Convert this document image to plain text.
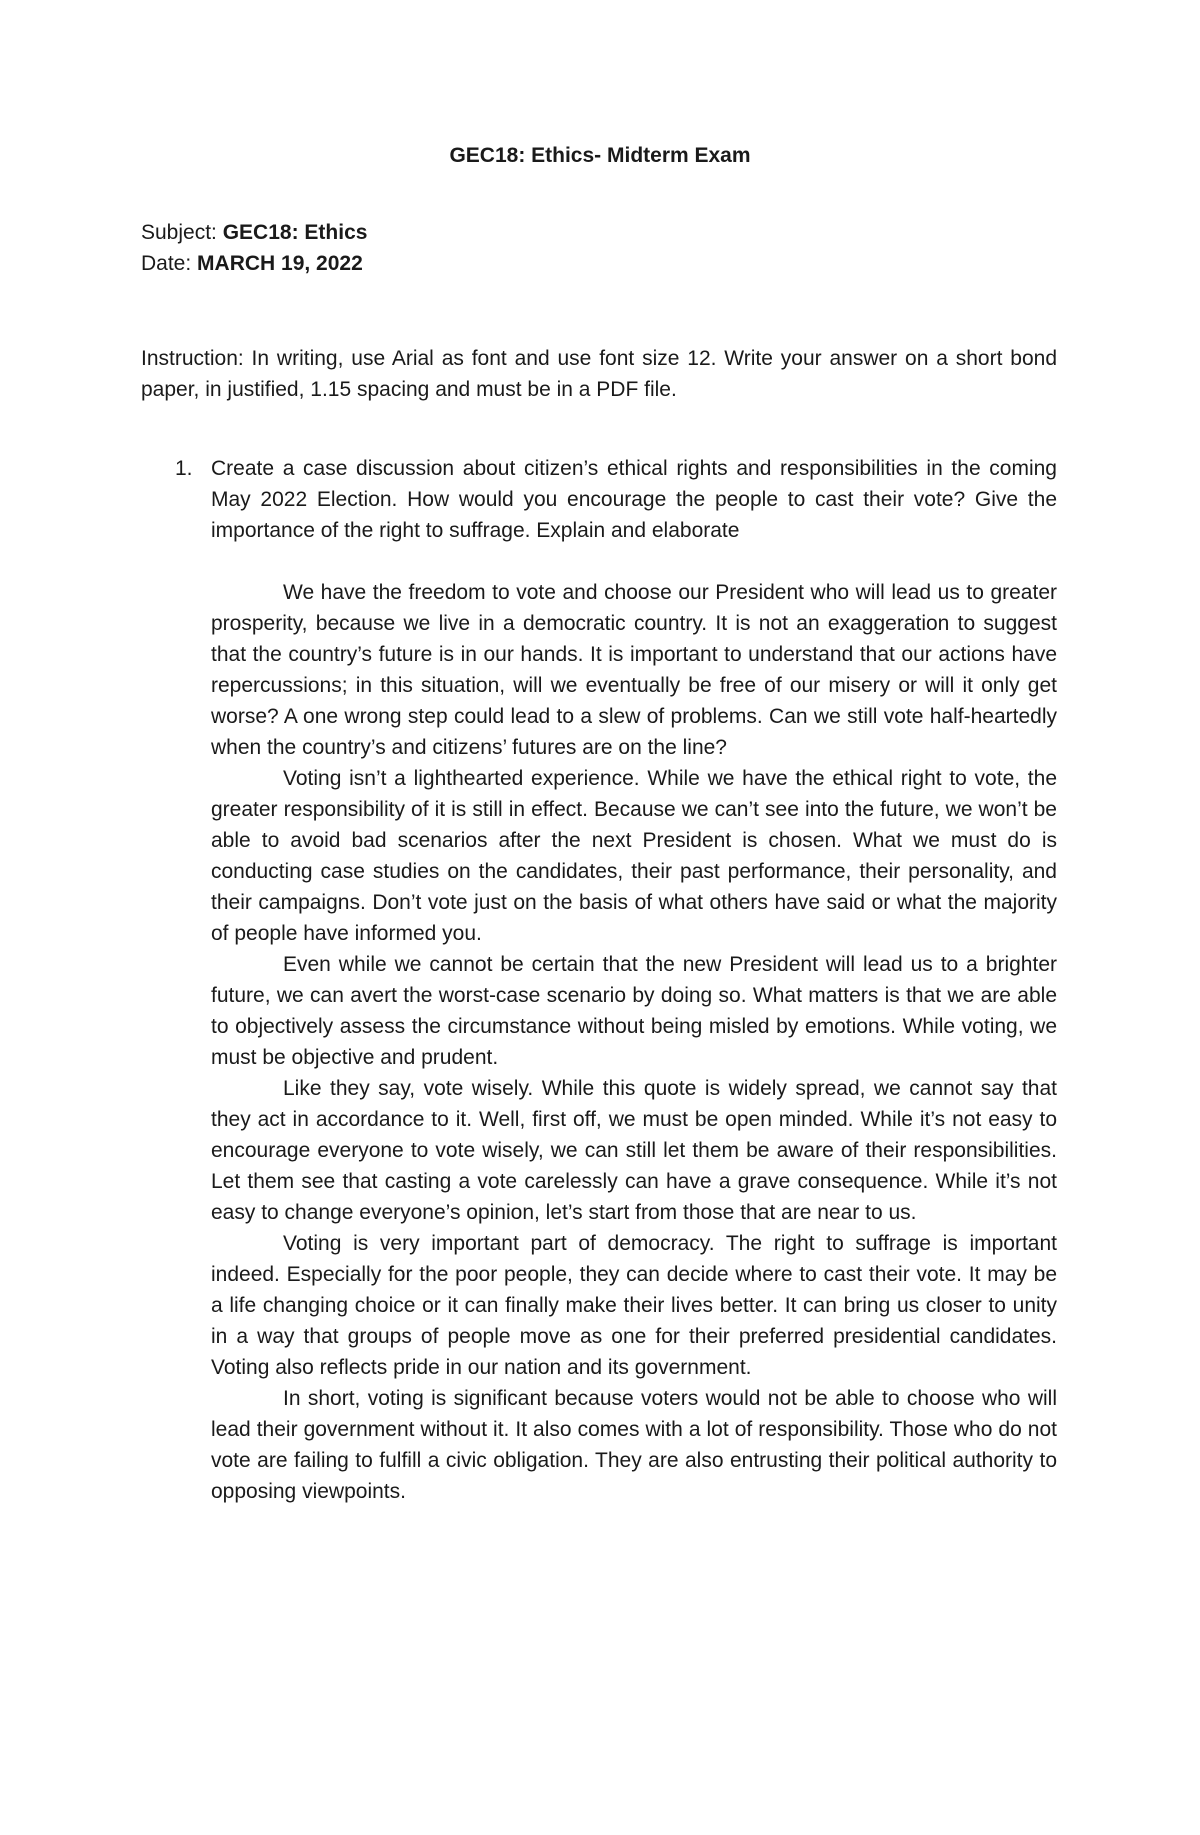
GEC18: Ethics- Midterm Exam
Subject: GEC18: Ethics
Date: MARCH 19, 2022

Instruction: In writing, use Arial as font and use font size 12. Write your answer on a short bond paper, in justified, 1.15 spacing and must be in a PDF file.

1. Create a case discussion about citizen’s ethical rights and responsibilities in the coming May 2022 Election. How would you encourage the people to cast their vote? Give the importance of the right to suffrage. Explain and elaborate

We have the freedom to vote and choose our President who will lead us to greater prosperity, because we live in a democratic country. It is not an exaggeration to suggest that the country’s future is in our hands. It is important to understand that our actions have repercussions; in this situation, will we eventually be free of our misery or will it only get worse? A one wrong step could lead to a slew of problems. Can we still vote half-heartedly when the country’s and citizens’ futures are on the line?

Voting isn’t a lighthearted experience. While we have the ethical right to vote, the greater responsibility of it is still in effect. Because we can’t see into the future, we won’t be able to avoid bad scenarios after the next President is chosen. What we must do is conducting case studies on the candidates, their past performance, their personality, and their campaigns. Don’t vote just on the basis of what others have said or what the majority of people have informed you.

Even while we cannot be certain that the new President will lead us to a brighter future, we can avert the worst-case scenario by doing so. What matters is that we are able to objectively assess the circumstance without being misled by emotions. While voting, we must be objective and prudent.

Like they say, vote wisely. While this quote is widely spread, we cannot say that they act in accordance to it. Well, first off, we must be open minded. While it’s not easy to encourage everyone to vote wisely, we can still let them be aware of their responsibilities. Let them see that casting a vote carelessly can have a grave consequence. While it’s not easy to change everyone’s opinion, let’s start from those that are near to us.

Voting is very important part of democracy. The right to suffrage is important indeed. Especially for the poor people, they can decide where to cast their vote. It may be a life changing choice or it can finally make their lives better. It can bring us closer to unity in a way that groups of people move as one for their preferred presidential candidates. Voting also reflects pride in our nation and its government.

In short, voting is significant because voters would not be able to choose who will lead their government without it. It also comes with a lot of responsibility. Those who do not vote are failing to fulfill a civic obligation. They are also entrusting their political authority to opposing viewpoints.
